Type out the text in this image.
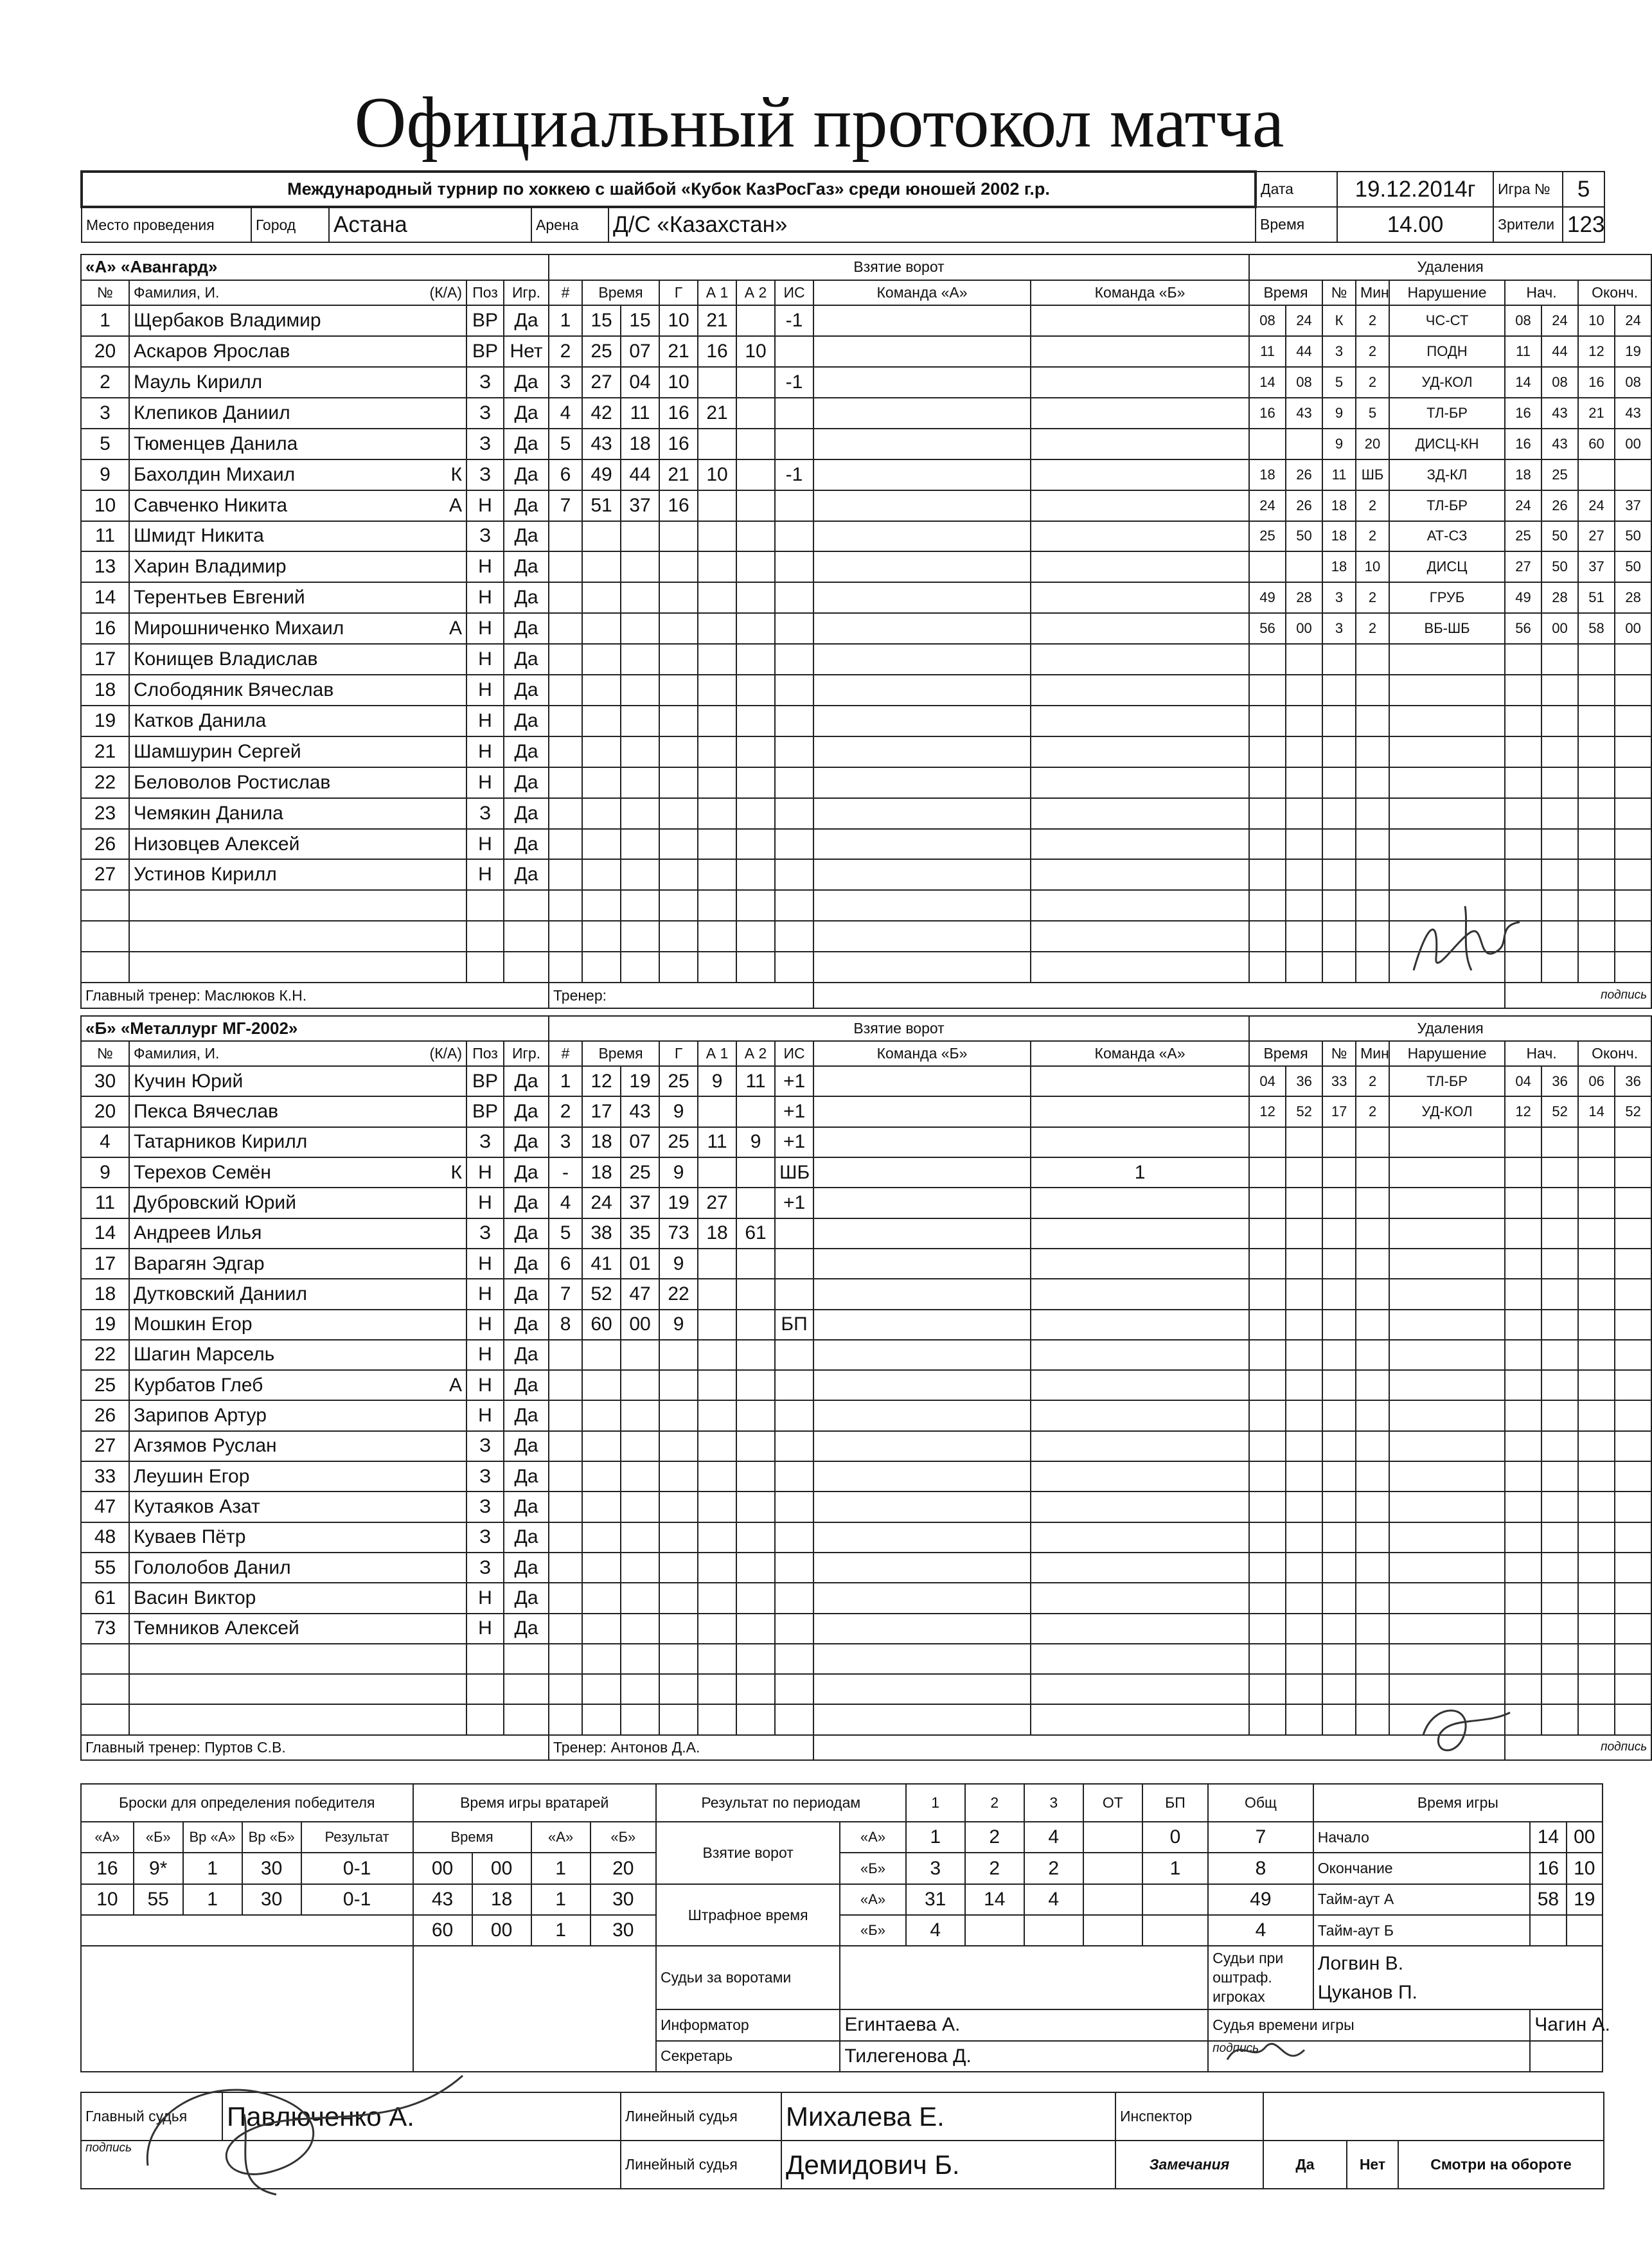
Официальный протокол матча
Международный турнир по хоккею с шайбой «Кубок КазРосГаз» среди юношей 2002 г.р.					Дата	19.12.2014г	Игра №	5
Место проведения	Город	Астана	Арена	Д/С «Казахстан»	Время	14.00	Зрители	123
«А» «Авангард»				Взятие ворот									Удаления								
№	Фамилия, И. (К/А)	Поз	Игр.	#	Время		Г	А 1	А 2	ИС	Команда «А»	Команда «Б»	Время		№	Мин	Нарушение	Нач.		Оконч.	
1	Щербаков Владимир	ВР	Да	1	15	15	10	21		-1			08	24	К	2	ЧС-СТ	08	24	10	24
20	Аскаров Ярослав	ВР	Нет	2	25	07	21	16	10				11	44	3	2	ПОДН	11	44	12	19
2	Мауль Кирилл	З	Да	3	27	04	10			-1			14	08	5	2	УД-КОЛ	14	08	16	08
3	Клепиков Даниил	З	Да	4	42	11	16	21					16	43	9	5	ТЛ-БР	16	43	21	43
5	Тюменцев Данила	З	Да	5	43	18	16								9	20	ДИСЦ-КН	16	43	60	00
9	Бахолдин Михаил К	З	Да	6	49	44	21	10		-1			18	26	11	ШБ	ЗД-КЛ	18	25		
10	Савченко Никита А	Н	Да	7	51	37	16						24	26	18	2	ТЛ-БР	24	26	24	37
11	Шмидт Никита	З	Да										25	50	18	2	АТ-СЗ	25	50	27	50
13	Харин Владимир	Н	Да												18	10	ДИСЦ	27	50	37	50
14	Терентьев Евгений	Н	Да										49	28	3	2	ГРУБ	49	28	51	28
16	Мирошниченко Михаил А	Н	Да										56	00	3	2	ВБ-ШБ	56	00	58	00
17	Конищев Владислав	Н	Да																		
18	Слободяник Вячеслав	Н	Да																		
19	Катков Данила	Н	Да																		
21	Шамшурин Сергей	Н	Да																		
22	Беловолов Ростислав	Н	Да																		
23	Чемякин Данила	З	Да																		
26	Низовцев Алексей	Н	Да																		
27	Устинов Кирилл	Н	Да																		

Главный тренер: Маслюков К.Н.				Тренер:														подпись			
«Б» «Металлург МГ-2002»				Взятие ворот									Удаления								
№	Фамилия, И. (К/А)	Поз	Игр.	#	Время		Г	А 1	А 2	ИС	Команда «Б»	Команда «А»	Время		№	Мин	Нарушение	Нач.		Оконч.	
30	Кучин Юрий	ВР	Да	1	12	19	25	9	11	+1			04	36	33	2	ТЛ-БР	04	36	06	36
20	Пекса Вячеслав	ВР	Да	2	17	43	9			+1			12	52	17	2	УД-КОЛ	12	52	14	52
4	Татарников Кирилл	З	Да	3	18	07	25	11	9	+1											
9	Терехов Семён К	Н	Да	-	18	25	9			ШБ		1									
11	Дубровский Юрий	Н	Да	4	24	37	19	27		+1											
14	Андреев Илья	З	Да	5	38	35	73	18	61												
17	Варагян Эдгар	Н	Да	6	41	01	9														
18	Дутковский Даниил	Н	Да	7	52	47	22														
19	Мошкин Егор	Н	Да	8	60	00	9			БП											
22	Шагин Марсель	Н	Да																		
25	Курбатов Глеб А	Н	Да																		
26	Зарипов Артур	Н	Да																		
27	Агзямов Руслан	З	Да																		
33	Леушин Егор	З	Да																		
47	Кутаяков Азат	З	Да																		
48	Куваев Пётр	З	Да																		
55	Гололобов Данил	З	Да																		
61	Васин Виктор	Н	Да																		
73	Темников Алексей	Н	Да																		

Главный тренер: Пуртов С.В.				Тренер: Антонов Д.А.														подпись			
Броски для определения победителя					Время игры вратарей				Результат по периодам		1	2	3	ОТ	БП	Общ	Время игры		
«А»	«Б»	Вр «А»	Вр «Б»	Результат	Время		«А»	«Б»	Взятие ворот	«А»	1	2	4		0	7	Начало	14	00
16	9*	1	30	0-1	00	00	1	20		«Б»	3	2	2		1	8	Окончание	16	10
10	55	1	30	0-1	43	18	1	30	Штрафное время	«А»	31	14	4			49	Тайм-аут А	58	19
					60	00	1	30		«Б»	4					4	Тайм-аут Б		
									Судьи за воротами							Судьи при оштраф. игроках	Логвин В.
Цуканов П.		

									Информатор	Егинтаева А.						Судья времени игры		Чагин А.	
									Секретарь	Тилегенова Д.						подпись			
Главный судья	Павлюченко А.	Линейный судья	Михалева Е.	Инспектор			
подпись		Линейный судья	Демидович Б.	Замечания	Да	Нет	Смотри на обороте
